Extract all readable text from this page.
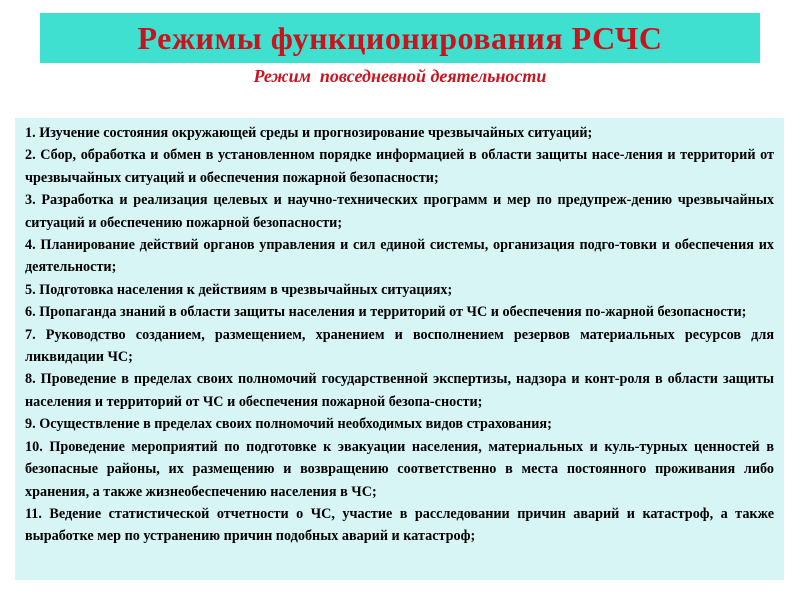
Режимы функционирования РСЧС
Режим  повседневной деятельности

1. Изучение состояния окружающей среды и прогнозирование чрезвычайных ситуаций;

2. Сбор, обработка и обмен в установленном порядке информацией в области защиты насе-ления и территорий от чрезвычайных ситуаций и обеспечения пожарной безопасности;

3. Разработка и реализация целевых и научно-технических программ и мер по предупреж-дению чрезвычайных ситуаций и обеспечению пожарной безопасности;

4. Планирование действий органов управления и сил единой системы, организация подго-товки и обеспечения их деятельности;

5. Подготовка населения к действиям в чрезвычайных ситуациях;

6. Пропаганда знаний в области защиты населения и территорий от ЧС и обеспечения по-жарной безопасности;

7. Руководство созданием, размещением, хранением и восполнением резервов материальных ресурсов для ликвидации ЧС;

8. Проведение в пределах своих полномочий государственной экспертизы, надзора и конт-роля в области защиты населения и территорий от ЧС и обеспечения пожарной безопа-сности;

9. Осуществление в пределах своих полномочий необходимых видов страхования;

10. Проведение мероприятий по подготовке к эвакуации населения, материальных и куль-турных ценностей в безопасные районы, их размещению и возвращению соответственно в места постоянного проживания либо хранения, а также жизнеобеспечению населения в ЧС;

11. Ведение статистической отчетности о ЧС, участие в расследовании причин аварий и катастроф, а также выработке мер по устранению причин подобных аварий и катастроф;
